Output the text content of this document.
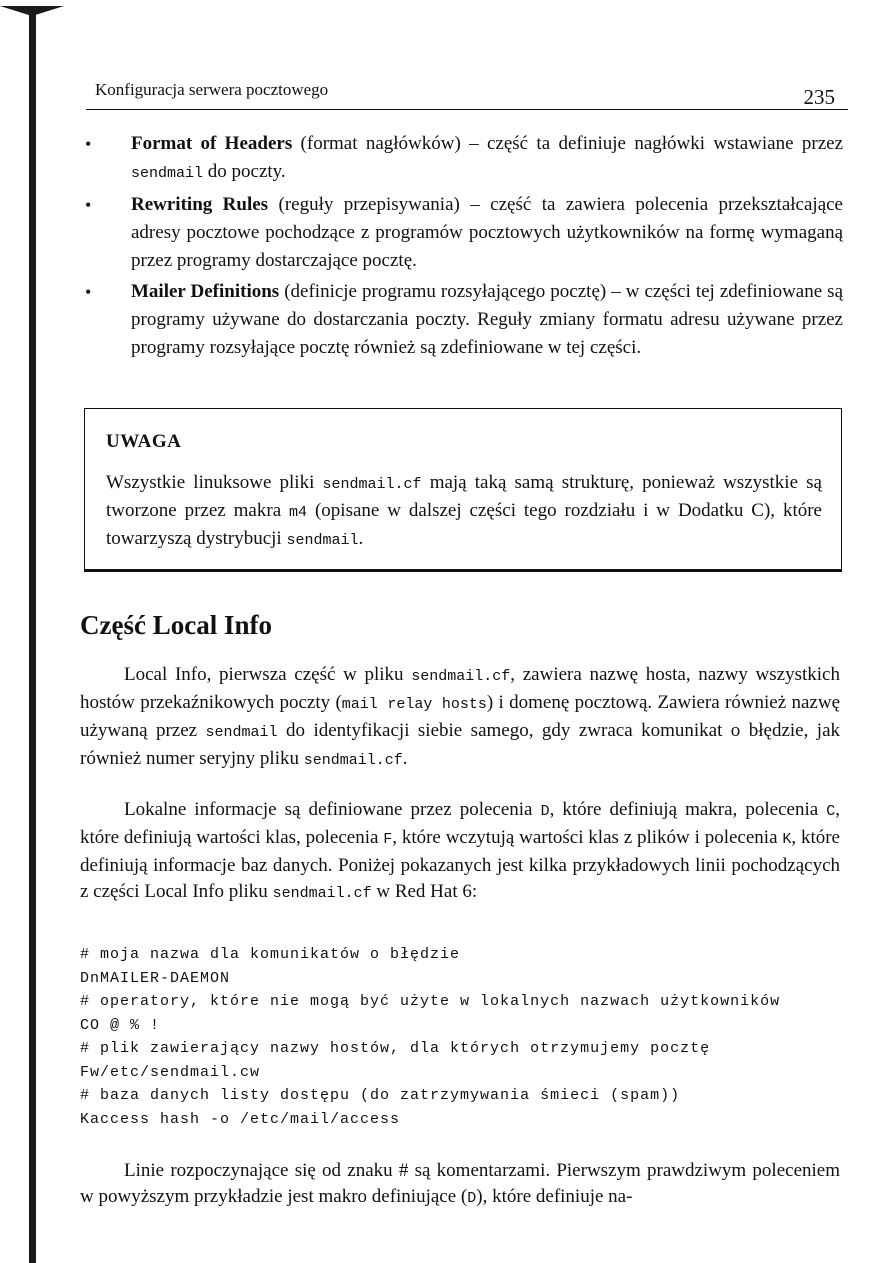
Konfiguracja serwera pocztowego	235
• Format of Headers (format nagłówków) – część ta definiuje nagłówki wstawiane przez sendmail do poczty.
• Rewriting Rules (reguły przepisywania) – część ta zawiera polecenia przekształcające adresy pocztowe pochodzące z programów pocztowych użytkowników na formę wymaganą przez programy dostarczające pocztę.
• Mailer Definitions (definicje programu rozsyłającego pocztę) – w części tej zdefiniowane są programy używane do dostarczania poczty. Reguły zmiany formatu adresu używane przez programy rozsyłające pocztę również są zdefiniowane w tej części.
UWAGA
Wszystkie linuksowe pliki sendmail.cf mają taką samą strukturę, ponieważ wszystkie są tworzone przez makra m4 (opisane w dalszej części tego rozdziału i w Dodatku C), które towarzyszą dystrybucji sendmail.
Część Local Info

Local Info, pierwsza część w pliku sendmail.cf, zawiera nazwę hosta, nazwy wszystkich hostów przekaźnikowych poczty (mail relay hosts) i domenę pocztową. Zawiera również nazwę używaną przez sendmail do identyfikacji siebie samego, gdy zwraca komunikat o błędzie, jak również numer seryjny pliku sendmail.cf.

Lokalne informacje są definiowane przez polecenia D, które definiują makra, polecenia C, które definiują wartości klas, polecenia F, które wczytują wartości klas z plików i polecenia K, które definiują informacje baz danych. Poniżej pokazanych jest kilka przykładowych linii pochodzących z części Local Info pliku sendmail.cf w Red Hat 6:

# moja nazwa dla komunikatów o błędzie
DnMAILER-DAEMON
# operatory, które nie mogą być użyte w lokalnych nazwach użytkowników
CO @ % !
# plik zawierający nazwy hostów, dla których otrzymujemy pocztę
Fw/etc/sendmail.cw
# baza danych listy dostępu (do zatrzymywania śmieci (spam))
Kaccess hash -o /etc/mail/access

Linie rozpoczynające się od znaku # są komentarzami. Pierwszym prawdziwym poleceniem w powyższym przykładzie jest makro definiujące (D), które definiuje na-
